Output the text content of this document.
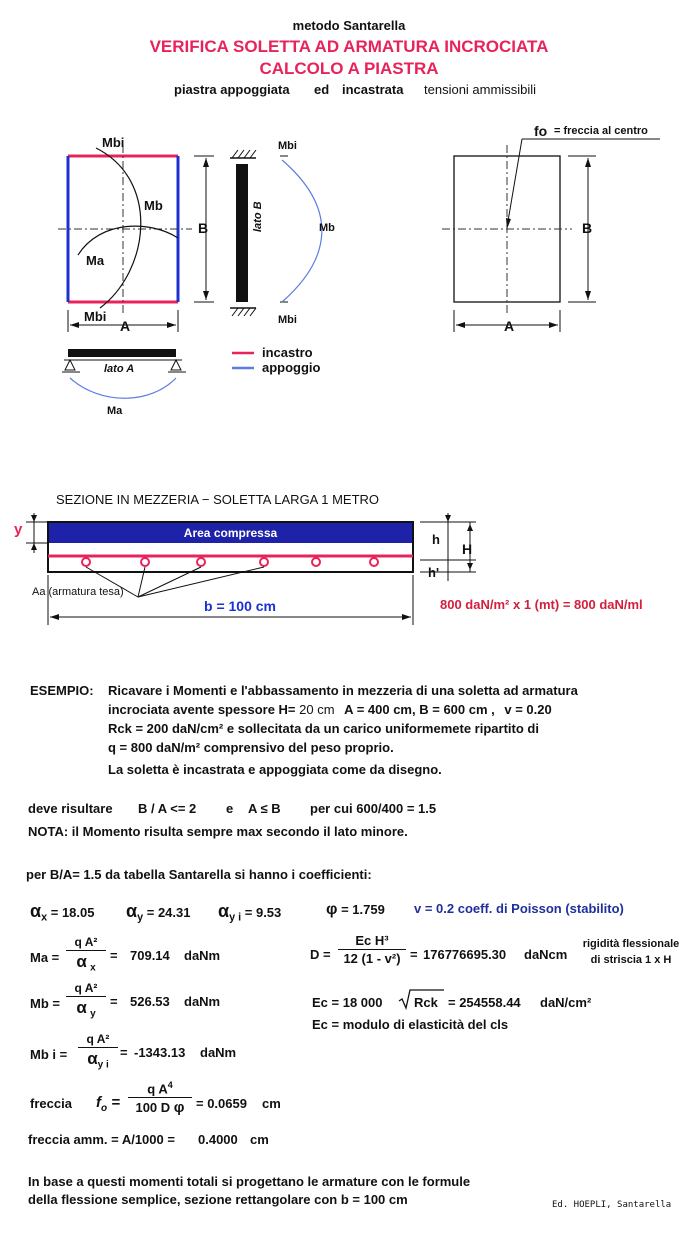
metodo Santarella
VERIFICA SOLETTA AD ARMATURA INCROCIATA
CALCOLO A PIASTRA
piastra appoggiata ed incastrata tensioni ammissibili
Mbi
Mb
Ma
Mbi
A
B
Mbi
Mb
Mbi
lato B
lato A
Ma
incastro
appoggio
fo = freccia al centro
A
B
SEZIONE IN MEZZERIA − SOLETTA LARGA 1 METRO
Area compressa
y
h
H
h'
Aa (armatura tesa)
b = 100 cm	800 daN/m² x 1 (mt) = 800 daN/ml
ESEMPIO: Ricavare i Momenti e l'abbassamento in mezzeria di una soletta ad armatura
incrociata avente spessore H= 20 cm A = 400 cm, B = 600 cm , v = 0.20
Rck = 200 daN/cm² e sollecitata da un carico uniformemete ripartito di
q = 800 daN/m² comprensivo del peso proprio.
La soletta è incastrata e appoggiata come da disegno.
deve risultare B / A <= 2 e A ≤ B per cui 600/400 = 1.5
NOTA: il Momento risulta sempre max secondo il lato minore.
per B/A= 1.5 da tabella Santarella si hanno i coefficienti:
$\alpha_x = 18.05$ $\alpha_y = 24.31$ $\alpha_{y i} = 9.53$	φ = 1.759 v = 0.2 coeff. di Poisson (stabilito)
$Ma = \frac{\text{q A²}}{\alpha _x} = 709.14$ daNm
$Mb = \frac{\text{q A²}}{\alpha _y} = 526.53$ daNm
Mb $i = \frac{\text{q A²}}{\alpha_{y i}} = -1343.13$ daNm
$D = \frac{\text{Ec H³}}{\text{12 (1 - v²)}} = 176776695.30$ daNcm
rigidità flessionale
di striscia 1 x H
Ec = 18 000 Rck = 254558.44 daN/cm²
Ec = modulo di elasticità del cls
freccia $f_o = \frac{q A^4}{\text{100 D φ}} = 0.0659$ cm
freccia amm. = A/1000 = 0.4000 cm
In base a questi momenti totali si progettano le armature con le formule
della flessione semplice, sezione rettangolare con b = 100 cm	Ed. HOEPLI, Santarella
